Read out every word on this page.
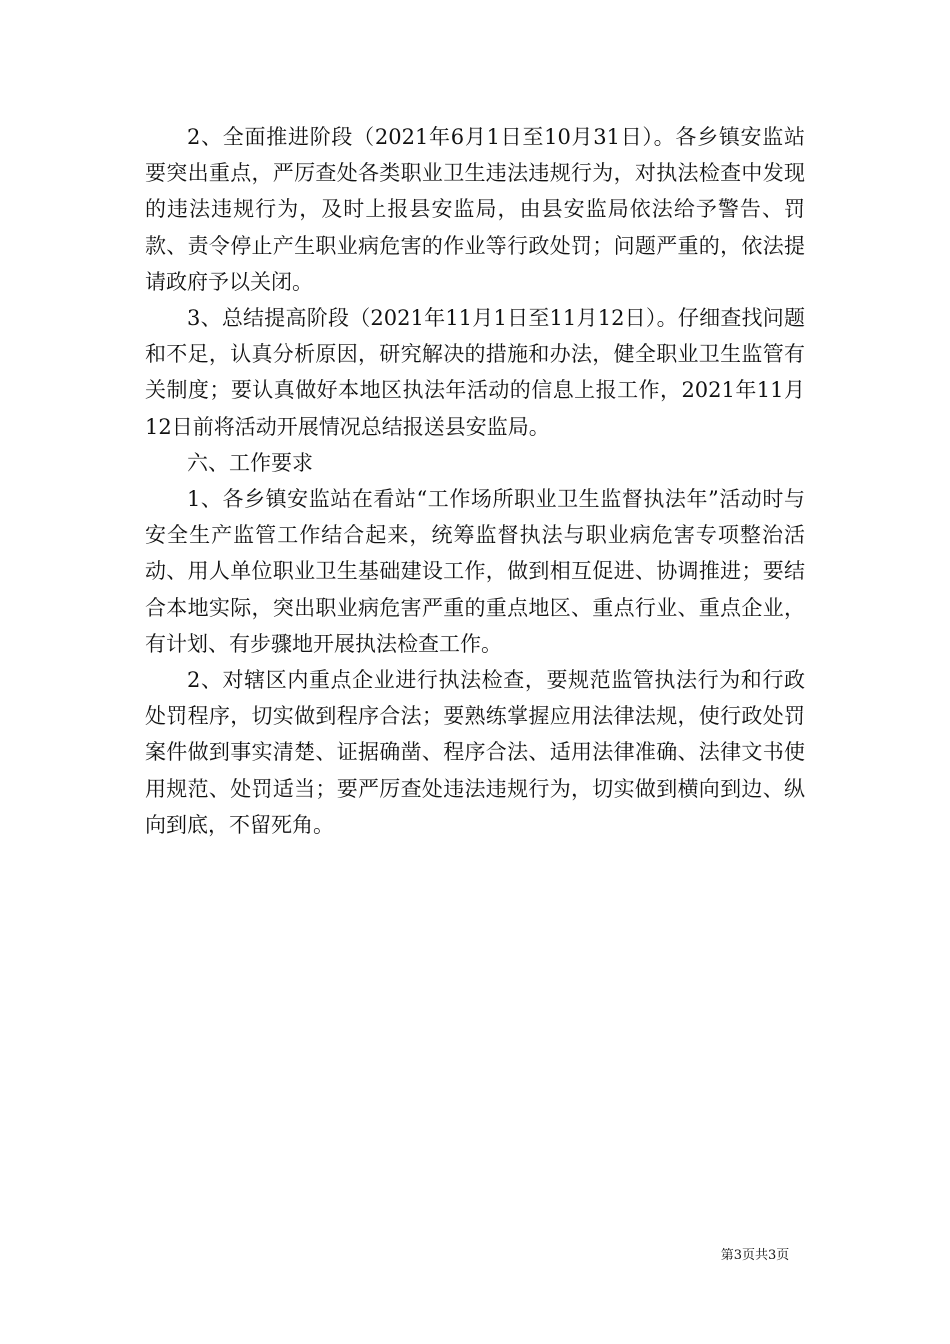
2、全面推进阶段（2021年6月1日至10月31日）。各乡镇安监站要突出重点，严厉查处各类职业卫生违法违规行为，对执法检查中发现的违法违规行为，及时上报县安监局，由县安监局依法给予警告、罚款、责令停止产生职业病危害的作业等行政处罚；问题严重的，依法提请政府予以关闭。

3、总结提高阶段（2021年11月1日至11月12日）。仔细查找问题和不足，认真分析原因，研究解决的措施和办法，健全职业卫生监管有关制度；要认真做好本地区执法年活动的信息上报工作，2021年11月12日前将活动开展情况总结报送县安监局。

六、工作要求

1、各乡镇安监站在看站“工作场所职业卫生监督执法年”活动时与安全生产监管工作结合起来，统筹监督执法与职业病危害专项整治活动、用人单位职业卫生基础建设工作，做到相互促进、协调推进；要结合本地实际，突出职业病危害严重的重点地区、重点行业、重点企业，有计划、有步骤地开展执法检查工作。

2、对辖区内重点企业进行执法检查，要规范监管执法行为和行政处罚程序，切实做到程序合法；要熟练掌握应用法律法规，使行政处罚案件做到事实清楚、证据确凿、程序合法、适用法律准确、法律文书使用规范、处罚适当；要严厉查处违法违规行为，切实做到横向到边、纵向到底，不留死角。

第3页共3页
